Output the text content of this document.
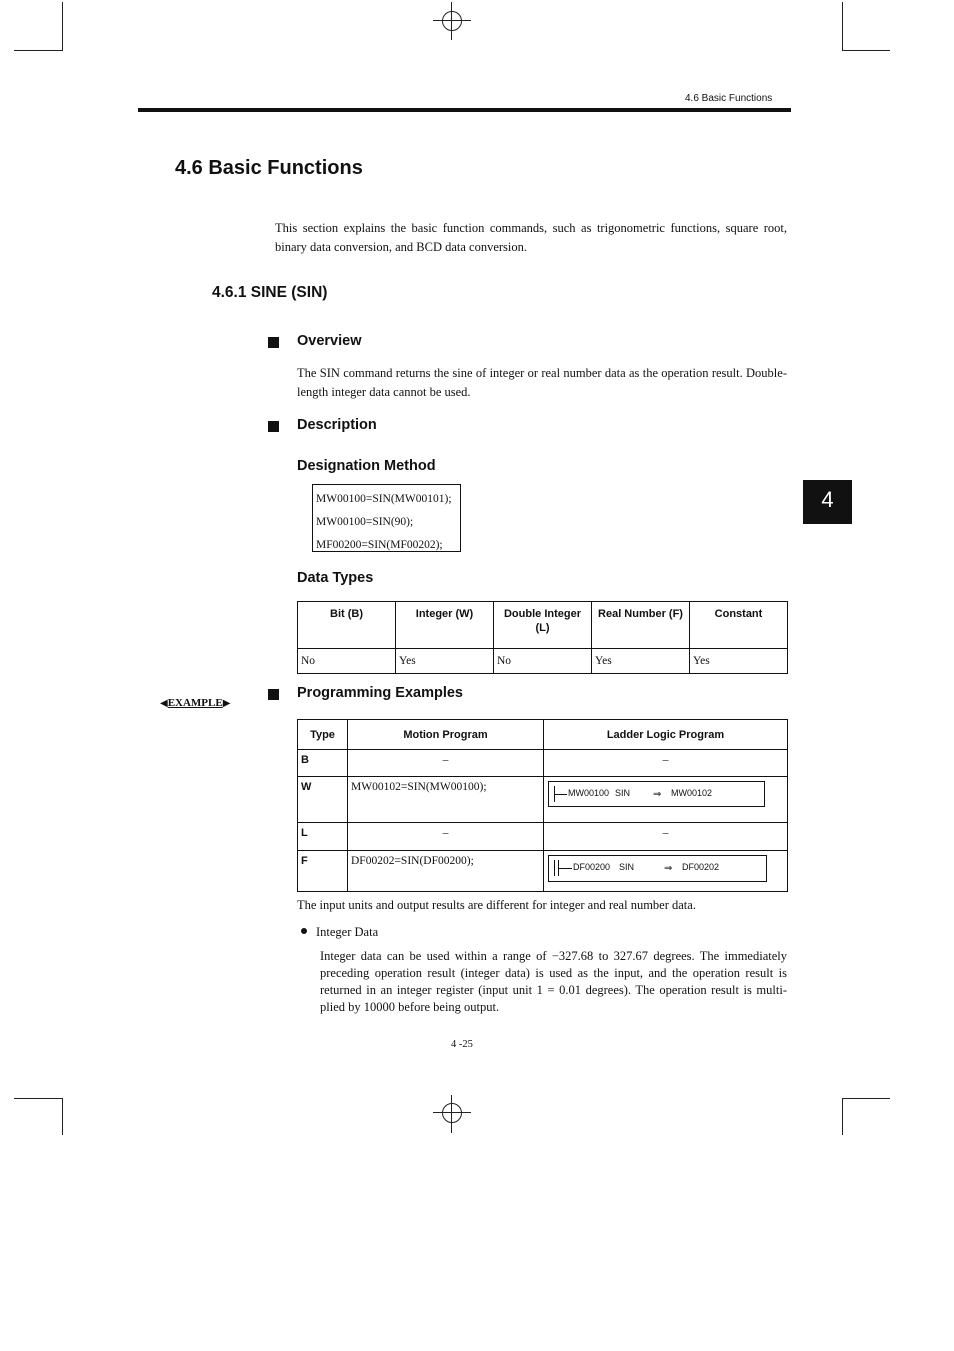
4.6 Basic Functions
4
4.6 Basic Functions
This section explains the basic function commands, such as trigonometric functions, square root, binary data conversion, and BCD data conversion.
4.6.1 SINE (SIN)
Overview
The SIN command returns the sine of integer or real number data as the operation result. Double-length integer data cannot be used.
Description
Designation Method
MW00100=SIN(MW00101);
MW00100=SIN(90);
MF00200=SIN(MF00202);
Data Types
Bit (B)	Integer (W)	Double Integer (L)	Real Number (F)	Constant
No	Yes	No	Yes	Yes
◀EXAMPLE▶
Programming Examples
Type	Motion Program	Ladder Logic Program
B	–	–
W	MW00102=SIN(MW00100);	MW00100 SIN ⇒ MW00102

L	–	–
F	DF00202=SIN(DF00200);	DF00200 SIN ⇒ DF00202
The input units and output results are different for integer and real number data.
Integer Data
Integer data can be used within a range of −327.68 to 327.67 degrees. The immediately preceding operation result (integer data) is used as the input, and the operation result is returned in an integer register (input unit 1 = 0.01 degrees). The operation result is multi-plied by 10000 before being output.
4 -25
